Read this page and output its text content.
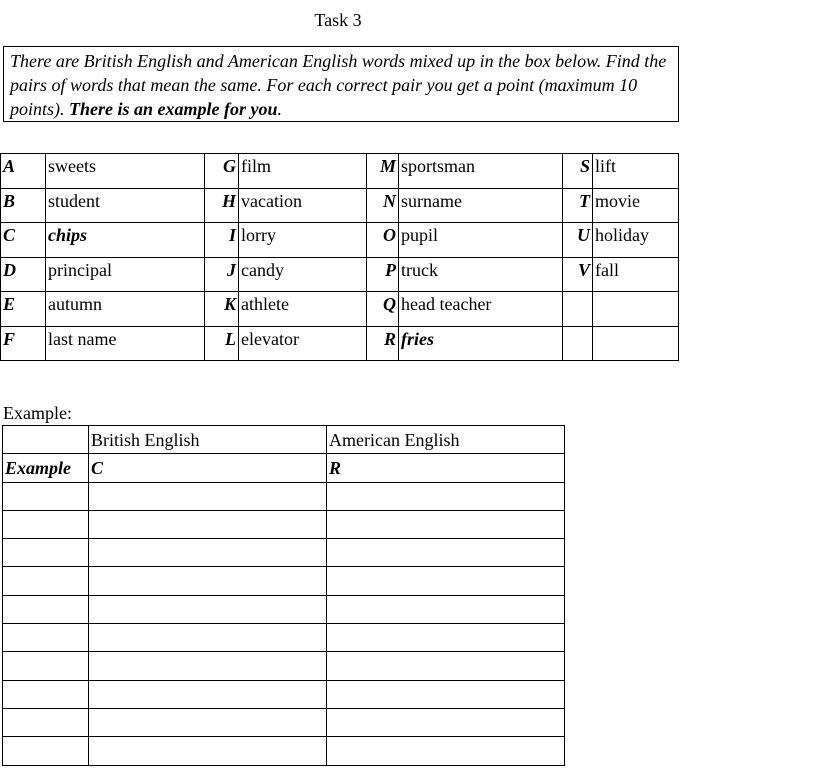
Task 3
There are British English and American English words mixed up in the box below. Find the pairs of words that mean the same. For each correct pair you get a point (maximum 10 points). There is an example for you.
A	sweets	G	film	M	sportsman	S	lift
B	student	H	vacation	N	surname	T	movie
C	chips	I	lorry	O	pupil	U	holiday
D	principal	J	candy	P	truck	V	fall
E	autumn	K	athlete	Q	head teacher		
F	last name	L	elevator	R	fries		
Example:
	British English	American English
Example	C	R
